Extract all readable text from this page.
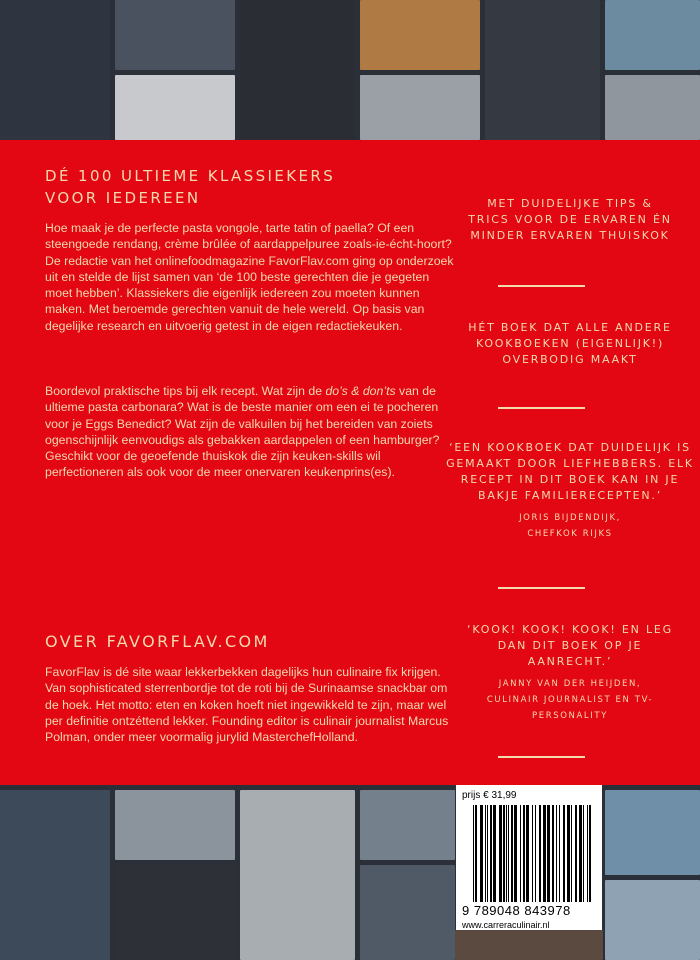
DÉ 100 ULTIEME KLASSIEKERS
VOOR IEDEREEN

Hoe maak je de perfecte pasta vongole, tarte tatin of paella? Of een steengoede rendang, crème brûlée of aardappelpuree zoals-ie-écht-hoort? De redactie van het onlinefoodmagazine FavorFlav.com ging op onderzoek uit en stelde de lijst samen van ‘de 100 beste gerechten die je gegeten moet hebben’. Klassiekers die eigenlijk iedereen zou moeten kunnen maken. Met beroemde gerechten vanuit de hele wereld. Op basis van degelijke research en uitvoerig getest in de eigen redactiekeuken.

Boordevol praktische tips bij elk recept. Wat zijn de do’s & don’ts van de ultieme pasta carbonara? Wat is de beste manier om een ei te pocheren voor je Eggs Benedict? Wat zijn de valkuilen bij het bereiden van zoiets ogenschijnlijk eenvoudigs als gebakken aardappelen of een hamburger? Geschikt voor de geoefende thuiskok die zijn keuken-skills wil perfectioneren als ook voor de meer onervaren keukenprins(es).

OVER FAVORFLAV.COM

FavorFlav is dé site waar lekkerbekken dagelijks hun culinaire fix krijgen. Van sophisticated sterrenbordje tot de roti bij de Surinaamse snackbar om de hoek. Het motto: eten en koken hoeft niet ingewikkeld te zijn, maar wel per definitie ontzéttend lekker. Founding editor is culinair journalist Marcus Polman, onder meer voormalig jurylid MasterchefHolland.

MET DUIDELIJKE TIPS & TRICS VOOR DE ERVAREN ÉN MINDER ERVAREN THUISKOK
HÉT BOEK DAT ALLE ANDERE KOOKBOEKEN (EIGENLIJK!) OVERBODIG MAAKT
‘EEN KOOKBOEK DAT DUIDELIJK IS GEMAAKT DOOR LIEFHEBBERS. ELK RECEPT IN DIT BOEK KAN IN JE BAKJE FAMILIERECEPTEN.’
JORIS BIJDENDIJK,
CHEFKOK RIJKS
‘KOOK! KOOK! KOOK! EN LEG DAN DIT BOEK OP JE AANRECHT.’
JANNY VAN DER HEIJDEN,
CULINAIR JOURNALIST EN TV-PERSONALITY
prijs € 31,99
9 789048 843978
www.carreraculinair.nl
